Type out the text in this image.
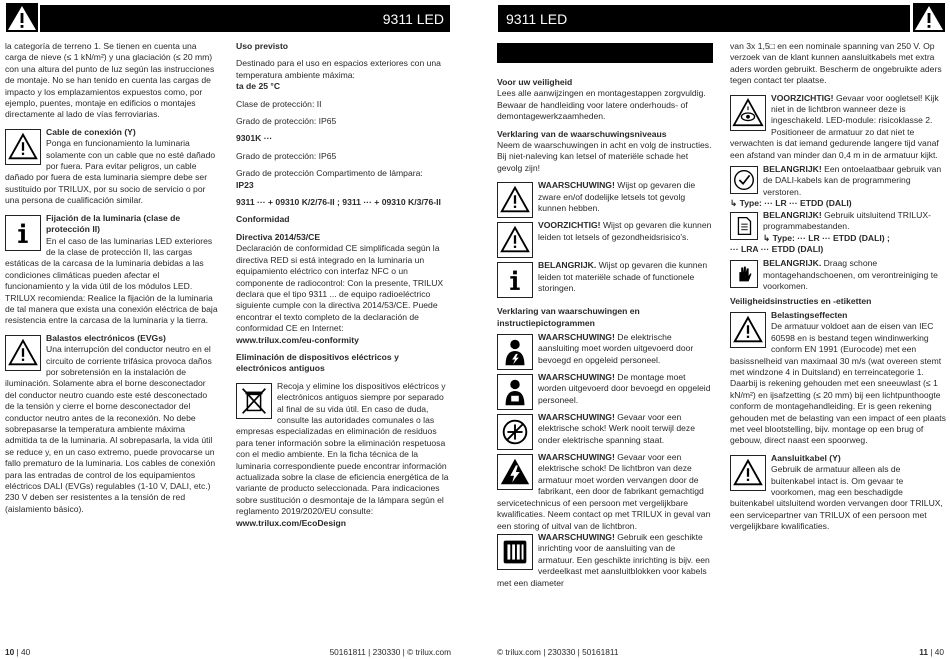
9311 LED

la categoría de terreno 1. Se tienen en cuenta una carga de nieve (≤ 1 kN/m²) y una glaciación (≤ 20 mm) con una altura del punto de luz según las instrucciones de montaje. No se han tenido en cuenta las cargas de impacto y los emplazamientos expuestos como, por ejemplo, puentes, montaje en edificios o montajes directamente al lado de vías ferroviarias.

Cable de conexión (Y)

Ponga en funcionamiento la luminaria solamente con un cable que no esté dañado por fuera. Para evitar peligros, un cable dañado por fuera de esta luminaria siempre debe ser sustituido por TRILUX, por su socio de servicio o por una persona de cualificación similar.

Fijación de la luminaria (clase de protección II)

En el caso de las luminarias LED exteriores de la clase de protección II, las cargas estáticas de la carcasa de la luminaria debidas a las condiciones climáticas pueden afectar el funcionamiento y la vida útil de los módulos LED. TRILUX recomienda: Realice la fijación de la luminaria de tal manera que exista una conexión eléctrica de baja resistencia entre la carcasa de la luminaria y la tierra.

Balastos electrónicos (EVGs)

Una interrupción del conductor neutro en el circuito de corriente trifásica provoca daños por sobretensión en la instalación de iluminación. Solamente abra el borne desconectador del conductor neutro cuando este esté desconectado de la tensión y cierre el borne desconectador del conductor neutro antes de la reconexión. No debe sobrepasarse la temperatura ambiente máxima admitida ta de la luminaria. Al sobrepasarla, la vida útil se reduce y, en un caso extremo, puede provocarse un fallo prematuro de la luminaria. Los cables de conexión para las entradas de control de los equipamientos eléctricos DALI (EVGs) regulables (1-10 V, DALI, etc.) 230 V deben ser resistentes a la tensión de red (aislamiento básico).

Uso previsto

Destinado para el uso en espacios exteriores con una temperatura ambiente máxima:

ta de 25 °C

Clase de protección: II

Grado de protección: IP65

9301K ···

Grado de protección: IP65

Grado de protección Compartimento de lámpara:

IP23

9311 ··· + 09310 K/2/76-II ; 9311 ··· + 09310 K/3/76-II

Conformidad
Directiva 2014/53/CE

Declaración de conformidad CE simplificada según la directiva RED si está integrado en la luminaria un equipamiento eléctrico con interfaz NFC o un componente de radiocontrol: Con la presente, TRILUX declara que el tipo 9311 ... de equipo radioeléctrico siguiente cumple con la directiva 2014/53/CE. Puede encontrar el texto completo de la declaración de conformidad CE en Internet:

www.trilux.com/eu-conformity

Eliminación de dispositivos eléctricos y electrónicos antiguos

Recoja y elimine los dispositivos eléctricos y electrónicos antiguos siempre por separado al final de su vida útil. En caso de duda, consulte las autoridades comunales o las empresas especializadas en eliminación de residuos para tener información sobre la eliminación respetuosa con el medio ambiente. En la ficha técnica de la luminaria correspondiente puede encontrar información actualizada sobre la clase de eficiencia energética de la variante de producto seleccionada. Para indicaciones sobre sustitución o desmontaje de la lámpara según el reglamento 2019/2020/EU consulte:

www.trilux.com/EcoDesign

10 | 40	50161811 | 230330 | © trilux.com
9311 LED
Voor uw veiligheid

Lees alle aanwijzingen en montagestappen zorgvuldig. Bewaar de handleiding voor latere onderhouds- of demontagewerkzaamheden.

Verklaring van de waarschuwingsniveaus

Neem de waarschuwingen in acht en volg de instructies. Bij niet-naleving kan letsel of materiële schade het gevolg zijn!

WAARSCHUWING! Wijst op gevaren die zware en/of dodelijke letsels tot gevolg kunnen hebben.

VOORZICHTIG! Wijst op gevaren die kunnen leiden tot letsels of gezondheidsrisico's.

BELANGRIJK. Wijst op gevaren die kunnen leiden tot materiële schade of functionele storingen.

Verklaring van waarschuwingen en instructiepictogrammen

WAARSCHUWING! De elektrische aansluiting moet worden uitgevoerd door bevoegd en opgeleid personeel.

WAARSCHUWING! De montage moet worden uitgevoerd door bevoegd en opgeleid personeel.

WAARSCHUWING! Gevaar voor een elektrische schok! Werk nooit terwijl deze onder elektrische spanning staat.

WAARSCHUWING! Gevaar voor een elektrische schok! De lichtbron van deze armatuur moet worden vervangen door de fabrikant, een door de fabrikant gemachtigd servicetechnicus of een persoon met vergelijkbare kwalificaties. Neem contact op met TRILUX in geval van een storing of uitval van de lichtbron.

WAARSCHUWING! Gebruik een geschikte inrichting voor de aansluiting van de armatuur. Een geschikte inrichting is bijv. een verdeelkast met aansluitblokken voor kabels met een diameter

van 3x 1,5□ en een nominale spanning van 250 V. Op verzoek van de klant kunnen aansluitkabels met extra aders worden gebruikt. Bescherm de ongebruikte aders tegen contact ter plaatse.

VOORZICHTIG! Gevaar voor oogletsel! Kijk niet in de lichtbron wanneer deze is ingeschakeld. LED-module: risicoklasse 2. Positioneer de armatuur zo dat niet te verwachten is dat iemand gedurende langere tijd vanaf een afstand van minder dan 0,4 m in de armatuur kijkt.

BELANGRIJK! Een ontoelaatbaar gebruik van de DALI-kabels kan de programmering verstoren.

↳ Type: ··· LR ··· ETDD (DALI)

BELANGRIJK! Gebruik uitsluitend TRILUX-programmabestanden.

↳ Type: ··· LR ··· ETDD (DALI) ;

··· LRA ··· ETDD (DALI)

BELANGRIJK. Draag schone montagehandschoenen, om verontreiniging te voorkomen.

Veiligheidsinstructies en -etiketten
Belastingseffecten

De armatuur voldoet aan de eisen van IEC 60598 en is bestand tegen windinwerking conform EN 1991 (Eurocode) met een basissnelheid van maximaal 30 m/s (wat overeen stemt met windzone 4 in Duitsland) en terreincategorie 1. Daarbij is rekening gehouden met een sneeuwlast (≤ 1 kN/m²) en ijsafzetting (≤ 20 mm) bij een lichtpunthoogte conform de montagehandleiding. Er is geen rekening gehouden met de belasting van een impact of een plaats met veel blootstelling, bijv. montage op een brug of gebouw, direct naast een spoorweg.

Aansluitkabel (Y)

Gebruik de armatuur alleen als de buitenkabel intact is. Om gevaar te voorkomen, mag een beschadigde buitenkabel uitsluitend worden vervangen door TRILUX, een servicepartner van TRILUX of een persoon met vergelijkbare kwalificaties.

© trilux.com | 230330 | 50161811	11 | 40
